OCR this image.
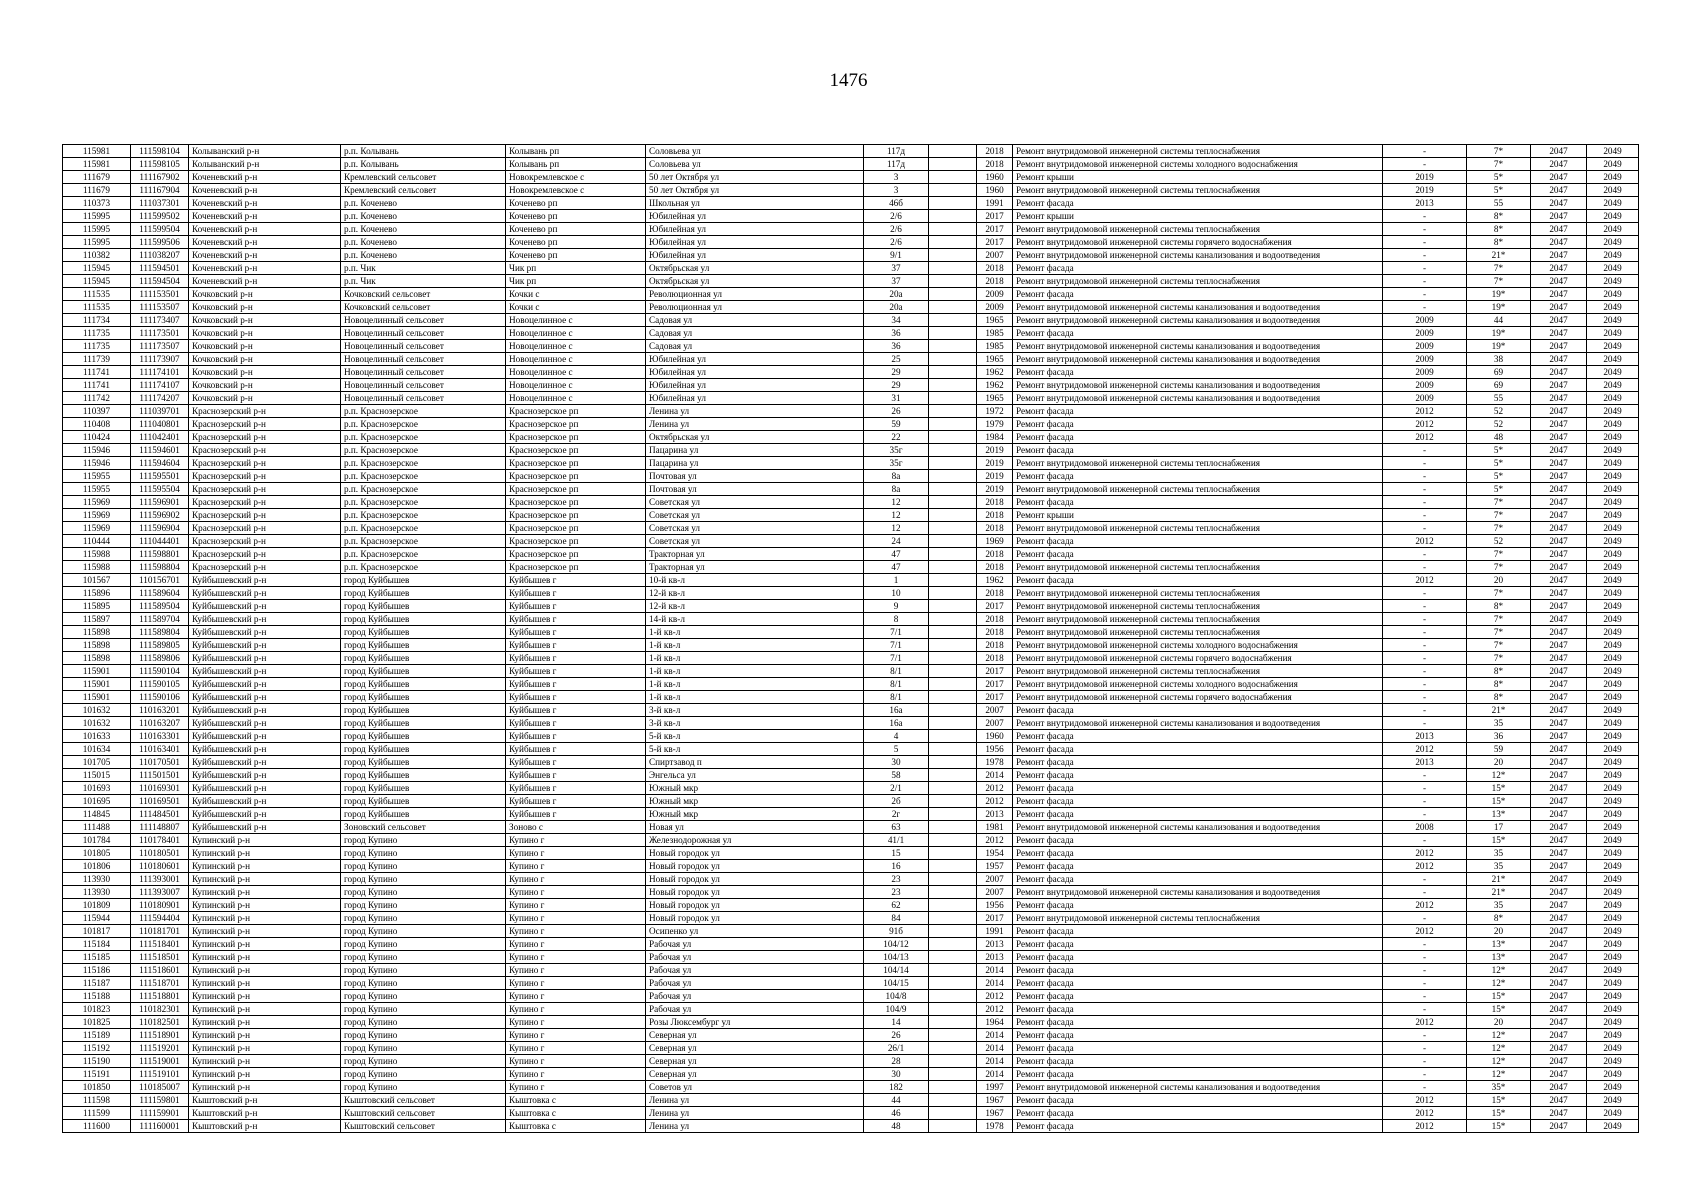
1476
115981	111598104	Колыванский р-н	р.п. Колывань	Колывань рп	Соловьева ул	117д		2018	Ремонт внутридомовой инженерной системы теплоснабжения	-	7*	2047	2049
115981	111598105	Колыванский р-н	р.п. Колывань	Колывань рп	Соловьева ул	117д		2018	Ремонт внутридомовой инженерной системы холодного водоснабжения	-	7*	2047	2049
111679	111167902	Коченевский р-н	Кремлевский сельсовет	Новокремлевское с	50 лет Октября ул	3		1960	Ремонт крыши	2019	5*	2047	2049
111679	111167904	Коченевский р-н	Кремлевский сельсовет	Новокремлевское с	50 лет Октября ул	3		1960	Ремонт внутридомовой инженерной системы теплоснабжения	2019	5*	2047	2049
110373	111037301	Коченевский р-н	р.п. Коченево	Коченево рп	Школьная ул	46б		1991	Ремонт фасада	2013	55	2047	2049
115995	111599502	Коченевский р-н	р.п. Коченево	Коченево рп	Юбилейная ул	2/6		2017	Ремонт крыши	-	8*	2047	2049
115995	111599504	Коченевский р-н	р.п. Коченево	Коченево рп	Юбилейная ул	2/6		2017	Ремонт внутридомовой инженерной системы теплоснабжения	-	8*	2047	2049
115995	111599506	Коченевский р-н	р.п. Коченево	Коченево рп	Юбилейная ул	2/6		2017	Ремонт внутридомовой инженерной системы горячего водоснабжения	-	8*	2047	2049
110382	111038207	Коченевский р-н	р.п. Коченево	Коченево рп	Юбилейная ул	9/1		2007	Ремонт внутридомовой инженерной системы канализования и водоотведения	-	21*	2047	2049
115945	111594501	Коченевский р-н	р.п. Чик	Чик рп	Октябрьская ул	37		2018	Ремонт фасада	-	7*	2047	2049
115945	111594504	Коченевский р-н	р.п. Чик	Чик рп	Октябрьская ул	37		2018	Ремонт внутридомовой инженерной системы теплоснабжения	-	7*	2047	2049
111535	111153501	Кочковский р-н	Кочковский сельсовет	Кочки с	Революционная ул	20а		2009	Ремонт фасада	-	19*	2047	2049
111535	111153507	Кочковский р-н	Кочковский сельсовет	Кочки с	Революционная ул	20а		2009	Ремонт внутридомовой инженерной системы канализования и водоотведения	-	19*	2047	2049
111734	111173407	Кочковский р-н	Новоцелинный сельсовет	Новоцелинное с	Садовая ул	34		1965	Ремонт внутридомовой инженерной системы канализования и водоотведения	2009	44	2047	2049
111735	111173501	Кочковский р-н	Новоцелинный сельсовет	Новоцелинное с	Садовая ул	36		1985	Ремонт фасада	2009	19*	2047	2049
111735	111173507	Кочковский р-н	Новоцелинный сельсовет	Новоцелинное с	Садовая ул	36		1985	Ремонт внутридомовой инженерной системы канализования и водоотведения	2009	19*	2047	2049
111739	111173907	Кочковский р-н	Новоцелинный сельсовет	Новоцелинное с	Юбилейная ул	25		1965	Ремонт внутридомовой инженерной системы канализования и водоотведения	2009	38	2047	2049
111741	111174101	Кочковский р-н	Новоцелинный сельсовет	Новоцелинное с	Юбилейная ул	29		1962	Ремонт фасада	2009	69	2047	2049
111741	111174107	Кочковский р-н	Новоцелинный сельсовет	Новоцелинное с	Юбилейная ул	29		1962	Ремонт внутридомовой инженерной системы канализования и водоотведения	2009	69	2047	2049
111742	111174207	Кочковский р-н	Новоцелинный сельсовет	Новоцелинное с	Юбилейная ул	31		1965	Ремонт внутридомовой инженерной системы канализования и водоотведения	2009	55	2047	2049
110397	111039701	Краснозерский р-н	р.п. Краснозерское	Краснозерское рп	Ленина ул	26		1972	Ремонт фасада	2012	52	2047	2049
110408	111040801	Краснозерский р-н	р.п. Краснозерское	Краснозерское рп	Ленина ул	59		1979	Ремонт фасада	2012	52	2047	2049
110424	111042401	Краснозерский р-н	р.п. Краснозерское	Краснозерское рп	Октябрьская ул	22		1984	Ремонт фасада	2012	48	2047	2049
115946	111594601	Краснозерский р-н	р.п. Краснозерское	Краснозерское рп	Пацарина ул	35г		2019	Ремонт фасада	-	5*	2047	2049
115946	111594604	Краснозерский р-н	р.п. Краснозерское	Краснозерское рп	Пацарина ул	35г		2019	Ремонт внутридомовой инженерной системы теплоснабжения	-	5*	2047	2049
115955	111595501	Краснозерский р-н	р.п. Краснозерское	Краснозерское рп	Почтовая ул	8а		2019	Ремонт фасада	-	5*	2047	2049
115955	111595504	Краснозерский р-н	р.п. Краснозерское	Краснозерское рп	Почтовая ул	8а		2019	Ремонт внутридомовой инженерной системы теплоснабжения	-	5*	2047	2049
115969	111596901	Краснозерский р-н	р.п. Краснозерское	Краснозерское рп	Советская ул	12		2018	Ремонт фасада	-	7*	2047	2049
115969	111596902	Краснозерский р-н	р.п. Краснозерское	Краснозерское рп	Советская ул	12		2018	Ремонт крыши	-	7*	2047	2049
115969	111596904	Краснозерский р-н	р.п. Краснозерское	Краснозерское рп	Советская ул	12		2018	Ремонт внутридомовой инженерной системы теплоснабжения	-	7*	2047	2049
110444	111044401	Краснозерский р-н	р.п. Краснозерское	Краснозерское рп	Советская ул	24		1969	Ремонт фасада	2012	52	2047	2049
115988	111598801	Краснозерский р-н	р.п. Краснозерское	Краснозерское рп	Тракторная ул	47		2018	Ремонт фасада	-	7*	2047	2049
115988	111598804	Краснозерский р-н	р.п. Краснозерское	Краснозерское рп	Тракторная ул	47		2018	Ремонт внутридомовой инженерной системы теплоснабжения	-	7*	2047	2049
101567	110156701	Куйбышевский р-н	город Куйбышев	Куйбышев г	10-й кв-л	1		1962	Ремонт фасада	2012	20	2047	2049
115896	111589604	Куйбышевский р-н	город Куйбышев	Куйбышев г	12-й кв-л	10		2018	Ремонт внутридомовой инженерной системы теплоснабжения	-	7*	2047	2049
115895	111589504	Куйбышевский р-н	город Куйбышев	Куйбышев г	12-й кв-л	9		2017	Ремонт внутридомовой инженерной системы теплоснабжения	-	8*	2047	2049
115897	111589704	Куйбышевский р-н	город Куйбышев	Куйбышев г	14-й кв-л	8		2018	Ремонт внутридомовой инженерной системы теплоснабжения	-	7*	2047	2049
115898	111589804	Куйбышевский р-н	город Куйбышев	Куйбышев г	1-й кв-л	7/1		2018	Ремонт внутридомовой инженерной системы теплоснабжения	-	7*	2047	2049
115898	111589805	Куйбышевский р-н	город Куйбышев	Куйбышев г	1-й кв-л	7/1		2018	Ремонт внутридомовой инженерной системы холодного водоснабжения	-	7*	2047	2049
115898	111589806	Куйбышевский р-н	город Куйбышев	Куйбышев г	1-й кв-л	7/1		2018	Ремонт внутридомовой инженерной системы горячего водоснабжения	-	7*	2047	2049
115901	111590104	Куйбышевский р-н	город Куйбышев	Куйбышев г	1-й кв-л	8/1		2017	Ремонт внутридомовой инженерной системы теплоснабжения	-	8*	2047	2049
115901	111590105	Куйбышевский р-н	город Куйбышев	Куйбышев г	1-й кв-л	8/1		2017	Ремонт внутридомовой инженерной системы холодного водоснабжения	-	8*	2047	2049
115901	111590106	Куйбышевский р-н	город Куйбышев	Куйбышев г	1-й кв-л	8/1		2017	Ремонт внутридомовой инженерной системы горячего водоснабжения	-	8*	2047	2049
101632	110163201	Куйбышевский р-н	город Куйбышев	Куйбышев г	3-й кв-л	16а		2007	Ремонт фасада	-	21*	2047	2049
101632	110163207	Куйбышевский р-н	город Куйбышев	Куйбышев г	3-й кв-л	16а		2007	Ремонт внутридомовой инженерной системы канализования и водоотведения	-	35	2047	2049
101633	110163301	Куйбышевский р-н	город Куйбышев	Куйбышев г	5-й кв-л	4		1960	Ремонт фасада	2013	36	2047	2049
101634	110163401	Куйбышевский р-н	город Куйбышев	Куйбышев г	5-й кв-л	5		1956	Ремонт фасада	2012	59	2047	2049
101705	110170501	Куйбышевский р-н	город Куйбышев	Куйбышев г	Спиртзавод п	30		1978	Ремонт фасада	2013	20	2047	2049
115015	111501501	Куйбышевский р-н	город Куйбышев	Куйбышев г	Энгельса ул	58		2014	Ремонт фасада	-	12*	2047	2049
101693	110169301	Куйбышевский р-н	город Куйбышев	Куйбышев г	Южный мкр	2/1		2012	Ремонт фасада	-	15*	2047	2049
101695	110169501	Куйбышевский р-н	город Куйбышев	Куйбышев г	Южный мкр	2б		2012	Ремонт фасада	-	15*	2047	2049
114845	111484501	Куйбышевский р-н	город Куйбышев	Куйбышев г	Южный мкр	2г		2013	Ремонт фасада	-	13*	2047	2049
111488	111148807	Куйбышевский р-н	Зоновский сельсовет	Зоново с	Новая ул	63		1981	Ремонт внутридомовой инженерной системы канализования и водоотведения	2008	17	2047	2049
101784	110178401	Купинский р-н	город Купино	Купино г	Железнодорожная ул	41/1		2012	Ремонт фасада	-	15*	2047	2049
101805	110180501	Купинский р-н	город Купино	Купино г	Новый городок ул	15		1954	Ремонт фасада	2012	35	2047	2049
101806	110180601	Купинский р-н	город Купино	Купино г	Новый городок ул	16		1957	Ремонт фасада	2012	35	2047	2049
113930	111393001	Купинский р-н	город Купино	Купино г	Новый городок ул	23		2007	Ремонт фасада	-	21*	2047	2049
113930	111393007	Купинский р-н	город Купино	Купино г	Новый городок ул	23		2007	Ремонт внутридомовой инженерной системы канализования и водоотведения	-	21*	2047	2049
101809	110180901	Купинский р-н	город Купино	Купино г	Новый городок ул	62		1956	Ремонт фасада	2012	35	2047	2049
115944	111594404	Купинский р-н	город Купино	Купино г	Новый городок ул	84		2017	Ремонт внутридомовой инженерной системы теплоснабжения	-	8*	2047	2049
101817	110181701	Купинский р-н	город Купино	Купино г	Осипенко ул	91б		1991	Ремонт фасада	2012	20	2047	2049
115184	111518401	Купинский р-н	город Купино	Купино г	Рабочая ул	104/12		2013	Ремонт фасада	-	13*	2047	2049
115185	111518501	Купинский р-н	город Купино	Купино г	Рабочая ул	104/13		2013	Ремонт фасада	-	13*	2047	2049
115186	111518601	Купинский р-н	город Купино	Купино г	Рабочая ул	104/14		2014	Ремонт фасада	-	12*	2047	2049
115187	111518701	Купинский р-н	город Купино	Купино г	Рабочая ул	104/15		2014	Ремонт фасада	-	12*	2047	2049
115188	111518801	Купинский р-н	город Купино	Купино г	Рабочая ул	104/8		2012	Ремонт фасада	-	15*	2047	2049
101823	110182301	Купинский р-н	город Купино	Купино г	Рабочая ул	104/9		2012	Ремонт фасада	-	15*	2047	2049
101825	110182501	Купинский р-н	город Купино	Купино г	Розы Люксембург ул	14		1964	Ремонт фасада	2012	20	2047	2049
115189	111518901	Купинский р-н	город Купино	Купино г	Северная ул	26		2014	Ремонт фасада	-	12*	2047	2049
115192	111519201	Купинский р-н	город Купино	Купино г	Северная ул	26/1		2014	Ремонт фасада	-	12*	2047	2049
115190	111519001	Купинский р-н	город Купино	Купино г	Северная ул	28		2014	Ремонт фасада	-	12*	2047	2049
115191	111519101	Купинский р-н	город Купино	Купино г	Северная ул	30		2014	Ремонт фасада	-	12*	2047	2049
101850	110185007	Купинский р-н	город Купино	Купино г	Советов ул	182		1997	Ремонт внутридомовой инженерной системы канализования и водоотведения	-	35*	2047	2049
111598	111159801	Кыштовский р-н	Кыштовский сельсовет	Кыштовка с	Ленина ул	44		1967	Ремонт фасада	2012	15*	2047	2049
111599	111159901	Кыштовский р-н	Кыштовский сельсовет	Кыштовка с	Ленина ул	46		1967	Ремонт фасада	2012	15*	2047	2049
111600	111160001	Кыштовский р-н	Кыштовский сельсовет	Кыштовка с	Ленина ул	48		1978	Ремонт фасада	2012	15*	2047	2049
